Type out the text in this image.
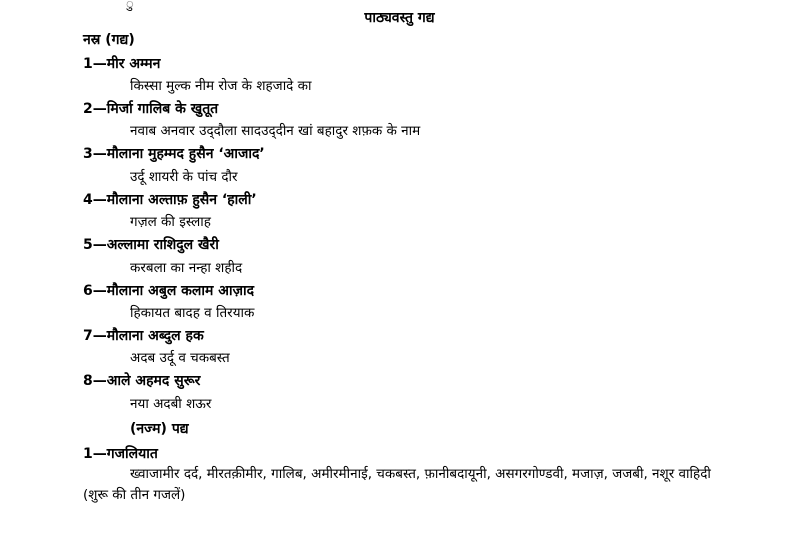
ु
पाठ्यवस्तु गद्य
नस्र (गद्य)
1—मीर अम्मन
किस्सा मुल्क नीम रोज के शहजादे का
2—मिर्जा गालिब के खुतूत
नवाब अनवार उद्‌दौला सादउद्‌दीन खां बहादुर शफ़क के नाम
3—मौलाना मुहम्मद हुसैन ‘आजाद’
उर्दू शायरी के पांच दौर
4—मौलाना अल्ताफ़ हुसैन ‘हाली’
गज़ल की इस्लाह
5—अल्लामा राशिदुल खैरी
करबला का नन्हा शहीद
6—मौलाना अबुल कलाम आज़ाद
हिकायत बादह व तिरयाक
7—मौलाना अब्दुल हक
अदब उर्दू व चकबस्त
8—आले अहमद सुरूर
नया अदबी शऊर
(नज्म) पद्य
1—गजलियात
ख्वाजामीर दर्द, मीरतक़ीमीर, गालिब, अमीरमीनाई, चकबस्त, फ़ानीबदायूनी, असगरगोण्डवी, मजाज़, जजबी, नशूर वाहिदी (शुरू की तीन गजलें)
